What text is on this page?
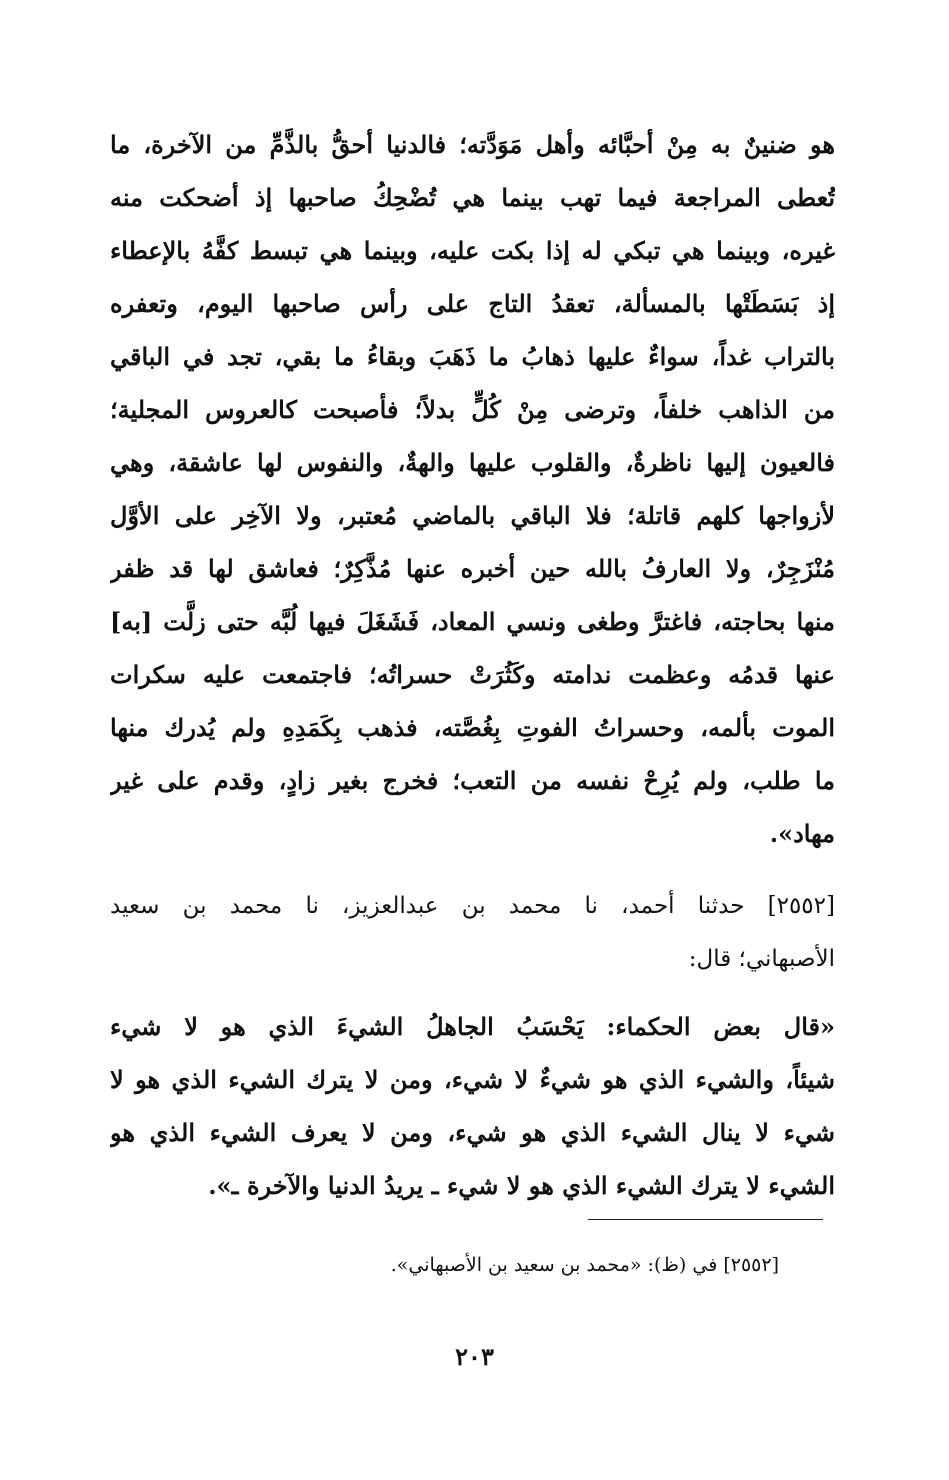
هو ضنينٌ به مِنْ أحبَّائه وأهل مَوَدَّته؛ فالدنيا أحقُّ بالذَّمِّ من الآخرة، ما
تُعطى المراجعة فيما تهب بينما هي تُضْحِكُ صاحبها إذ أضحكت منه
غيره، وبينما هي تبكي له إذا بكت عليه، وبينما هي تبسط كفَّهُ بالإعطاء
إذ بَسَطَتْها بالمسألة، تعقدُ التاج على رأس صاحبها اليوم، وتعفره
بالتراب غداً، سواءٌ عليها ذهابُ ما ذَهَبَ وبقاءُ ما بقي، تجد في الباقي
من الذاهب خلفاً، وترضى مِنْ كُلٍّ بدلاً؛ فأصبحت كالعروس المجلية؛
فالعيون إليها ناظرةٌ، والقلوب عليها والهةٌ، والنفوس لها عاشقة، وهي
لأزواجها كلهم قاتلة؛ فلا الباقي بالماضي مُعتبر، ولا الآخِر على الأوَّل
مُنْزَجِرٌ، ولا العارفُ بالله حين أخبره عنها مُذَّكِرٌ؛ فعاشق لها قد ظفر
منها بحاجته، فاغترَّ وطغى ونسي المعاد، فَشَغَلَ فيها لُبَّه حتى زلَّت [به]
عنها قدمُه وعظمت ندامته وكَثُرَتْ حسراتُه؛ فاجتمعت عليه سكرات
الموت بألمه، وحسراتُ الفوتِ بِغُصَّته، فذهب بِكَمَدِهِ ولم يُدرك منها
ما طلب، ولم يُرِحْ نفسه من التعب؛ فخرج بغير زادٍ، وقدم على غير
مهاد».
[٢٥٥٢] حدثنا أحمد، نا محمد بن عبدالعزيز، نا محمد بن سعيد
الأصبهاني؛ قال:
«قال بعض الحكماء: يَحْسَبُ الجاهلُ الشيءَ الذي هو لا شيء
شيئاً، والشيء الذي هو شيءٌ لا شيء، ومن لا يترك الشيء الذي هو لا
شيء لا ينال الشيء الذي هو شيء، ومن لا يعرف الشيء الذي هو
الشيء لا يترك الشيء الذي هو لا شيء ـ يريدُ الدنيا والآخرة ـ».
[٢٥٥٢] في (ظ): «محمد بن سعيد بن الأصبهاني».
٢٠٣
